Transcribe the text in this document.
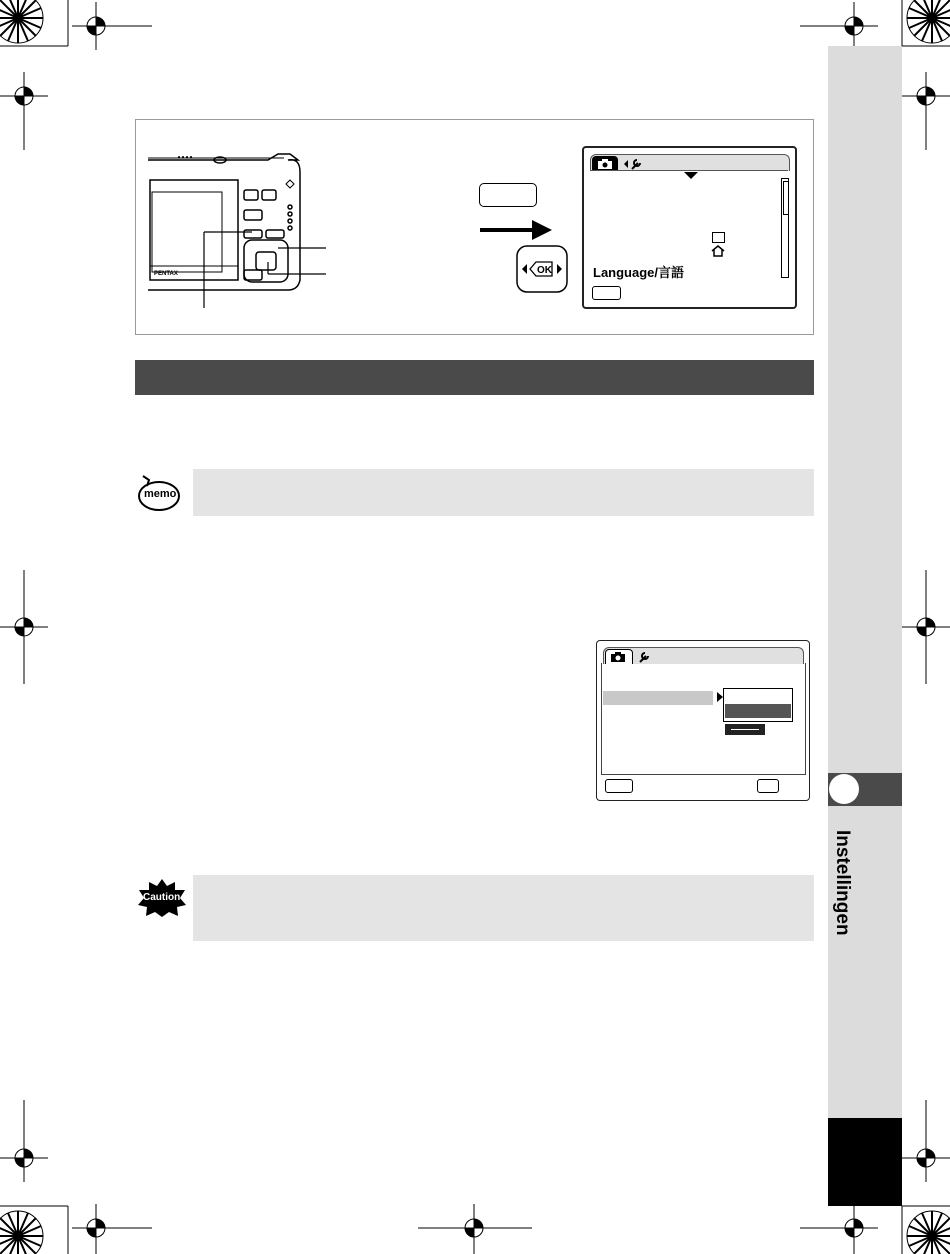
Instellingen
PENTAX	OK	Language/言語
memo
Caution
